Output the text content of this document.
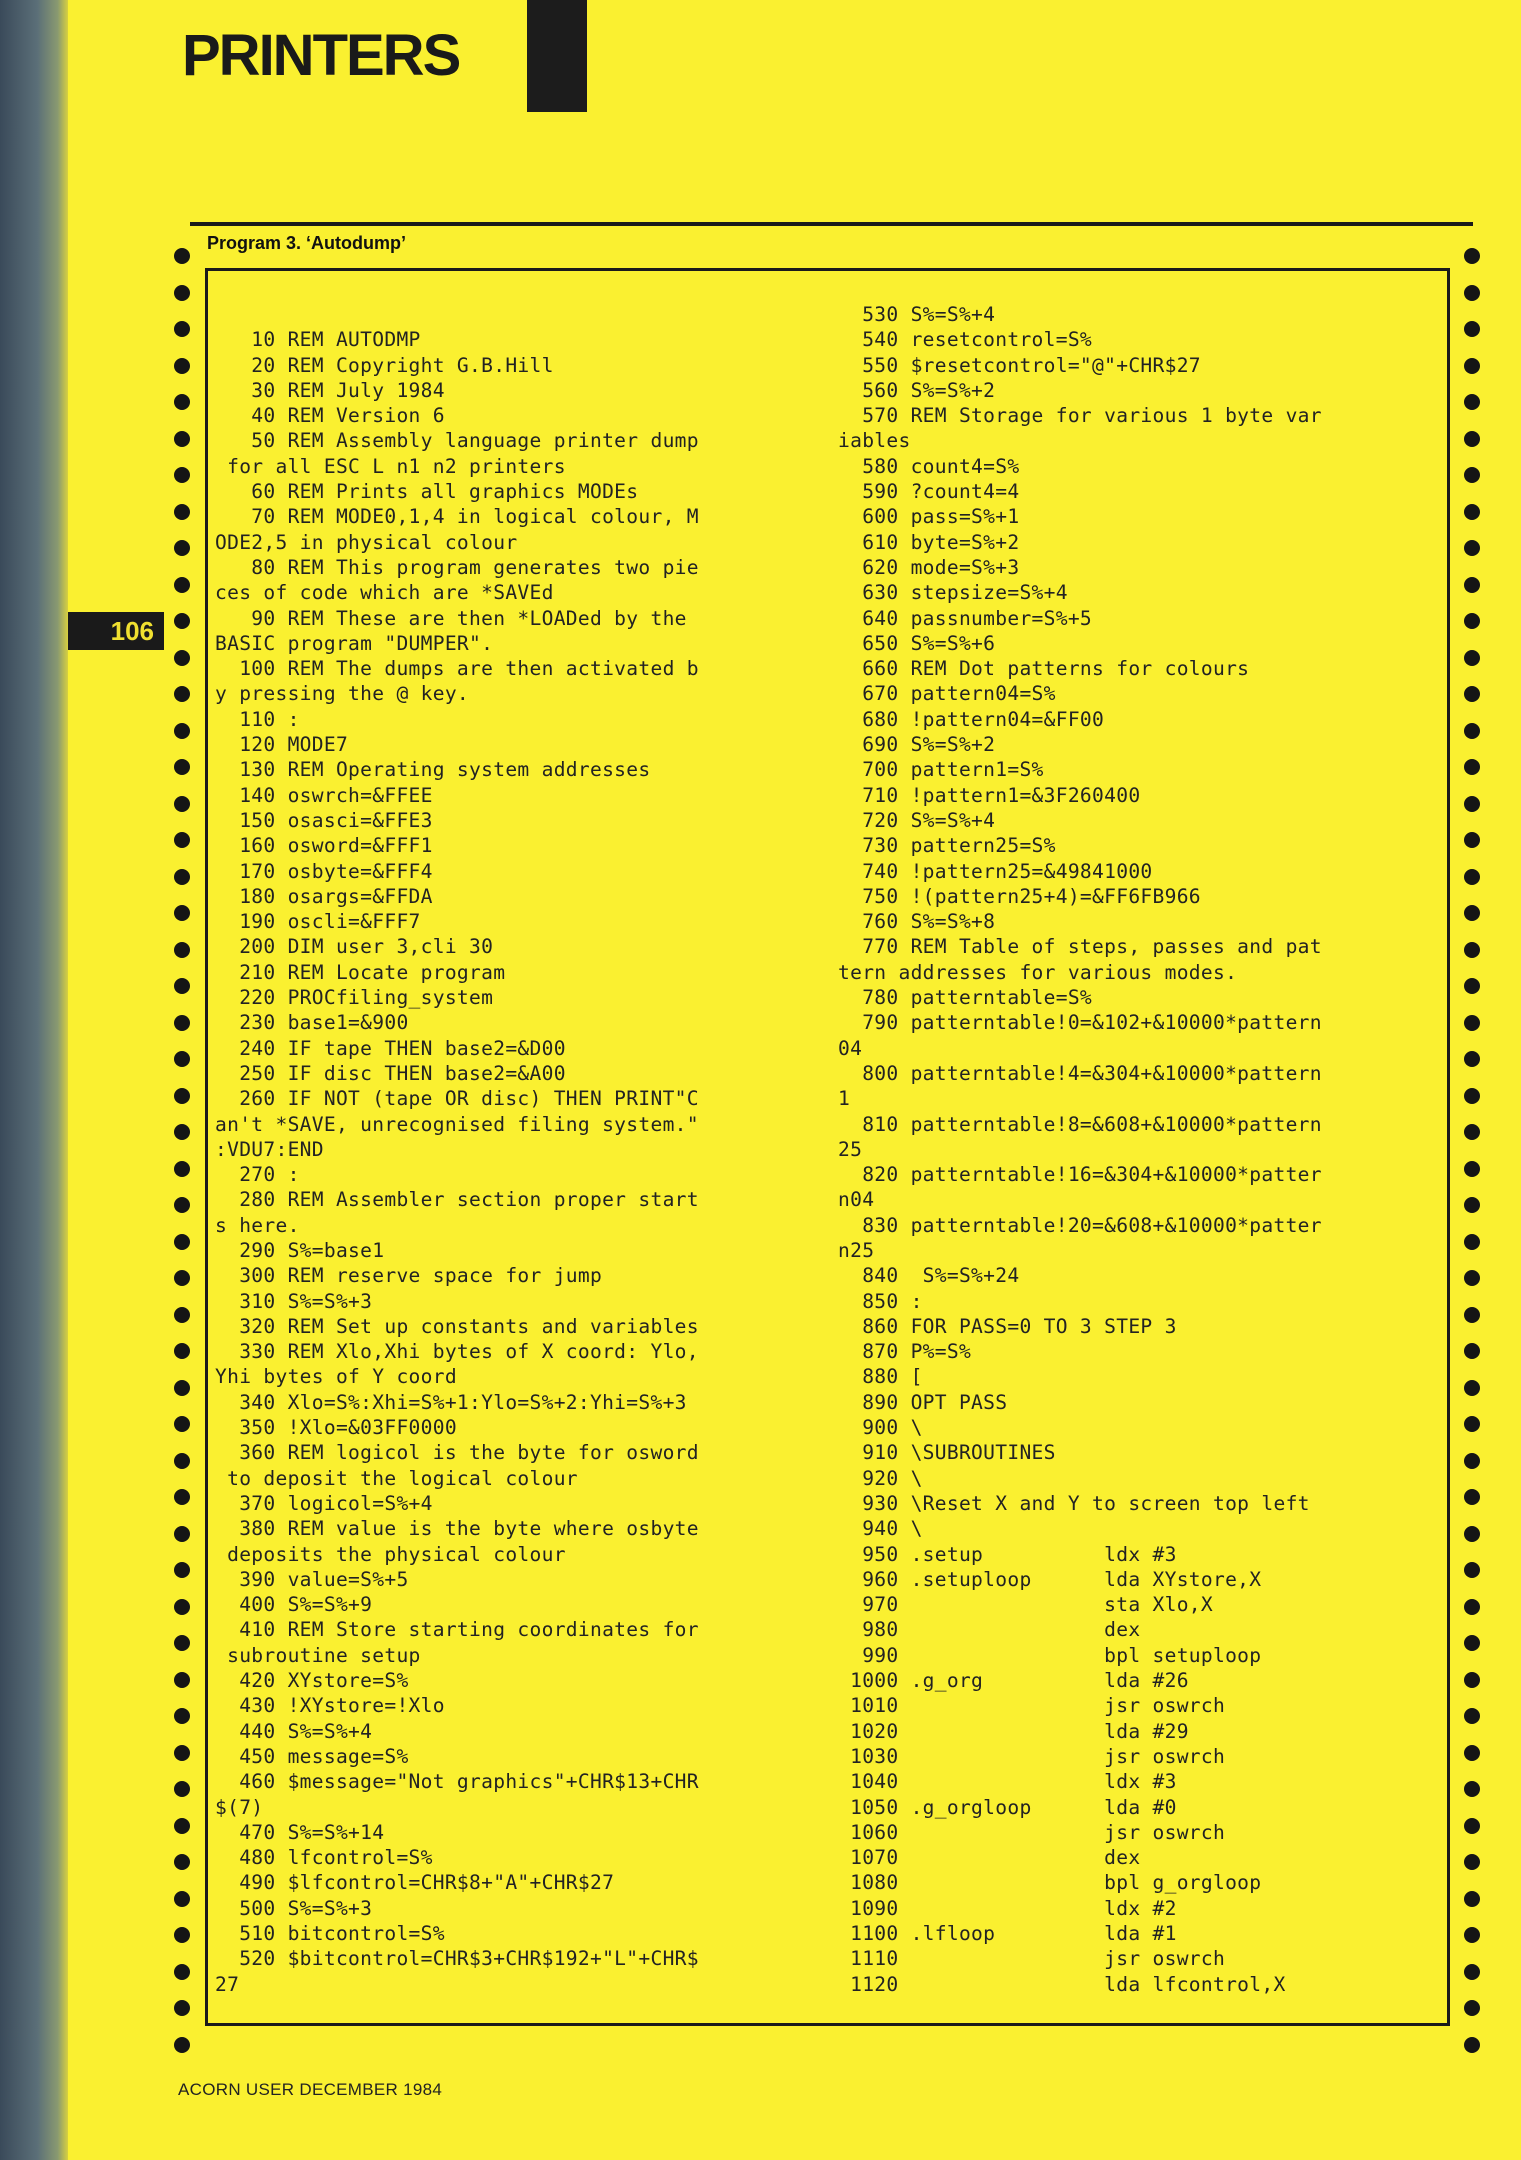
PRINTERS
106
Program 3. ‘Autodump’
10 REM AUTODMP
20 REM Copyright G.B.Hill
30 REM July 1984
40 REM Version 6
50 REM Assembly language printer dump
for all ESC L n1 n2 printers
60 REM Prints all graphics MODEs
70 REM MODE0,1,4 in logical colour, M
ODE2,5 in physical colour
80 REM This program generates two pie
ces of code which are *SAVEd
90 REM These are then *LOADed by the
BASIC program "DUMPER".
100 REM The dumps are then activated b
y pressing the @ key.
110 :
120 MODE7
130 REM Operating system addresses
140 oswrch=&FFEE
150 osasci=&FFE3
160 osword=&FFF1
170 osbyte=&FFF4
180 osargs=&FFDA
190 oscli=&FFF7
200 DIM user 3,cli 30
210 REM Locate program
220 PROCfiling_system
230 base1=&900
240 IF tape THEN base2=&D00
250 IF disc THEN base2=&A00
260 IF NOT (tape OR disc) THEN PRINT"C
an't *SAVE, unrecognised filing system."
:VDU7:END
270 :
280 REM Assembler section proper start
s here.
290 S%=base1
300 REM reserve space for jump
310 S%=S%+3
320 REM Set up constants and variables
330 REM Xlo,Xhi bytes of X coord: Ylo,
Yhi bytes of Y coord
340 Xlo=S%:Xhi=S%+1:Ylo=S%+2:Yhi=S%+3
350 !Xlo=&03FF0000
360 REM logicol is the byte for osword
to deposit the logical colour
370 logicol=S%+4
380 REM value is the byte where osbyte
deposits the physical colour
390 value=S%+5
400 S%=S%+9
410 REM Store starting coordinates for
subroutine setup
420 XYstore=S%
430 !XYstore=!Xlo
440 S%=S%+4
450 message=S%
460 $message="Not graphics"+CHR$13+CHR
$(7)
470 S%=S%+14
480 lfcontrol=S%
490 $lfcontrol=CHR$8+"A"+CHR$27
500 S%=S%+3
510 bitcontrol=S%
520 $bitcontrol=CHR$3+CHR$192+"L"+CHR$
27
530 S%=S%+4
540 resetcontrol=S%
550 $resetcontrol="@"+CHR$27
560 S%=S%+2
570 REM Storage for various 1 byte var
iables
580 count4=S%
590 ?count4=4
600 pass=S%+1
610 byte=S%+2
620 mode=S%+3
630 stepsize=S%+4
640 passnumber=S%+5
650 S%=S%+6
660 REM Dot patterns for colours
670 pattern04=S%
680 !pattern04=&FF00
690 S%=S%+2
700 pattern1=S%
710 !pattern1=&3F260400
720 S%=S%+4
730 pattern25=S%
740 !pattern25=&49841000
750 !(pattern25+4)=&FF6FB966
760 S%=S%+8
770 REM Table of steps, passes and pat
tern addresses for various modes.
780 patterntable=S%
790 patterntable!0=&102+&10000*pattern
04
800 patterntable!4=&304+&10000*pattern
1
810 patterntable!8=&608+&10000*pattern
25
820 patterntable!16=&304+&10000*patter
n04
830 patterntable!20=&608+&10000*patter
n25
840  S%=S%+24
850 :
860 FOR PASS=0 TO 3 STEP 3
870 P%=S%
880 [
890 OPT PASS
900 \
910 \SUBROUTINES
920 \
930 \Reset X and Y to screen top left
940 \
950 .setup          ldx #3
960 .setuploop      lda XYstore,X
970                 sta Xlo,X
980                 dex
990                 bpl setuploop
1000 .g_org          lda #26
1010                 jsr oswrch
1020                 lda #29
1030                 jsr oswrch
1040                 ldx #3
1050 .g_orgloop      lda #0
1060                 jsr oswrch
1070                 dex
1080                 bpl g_orgloop
1090                 ldx #2
1100 .lfloop         lda #1
1110                 jsr oswrch
1120                 lda lfcontrol,X
ACORN USER DECEMBER 1984
